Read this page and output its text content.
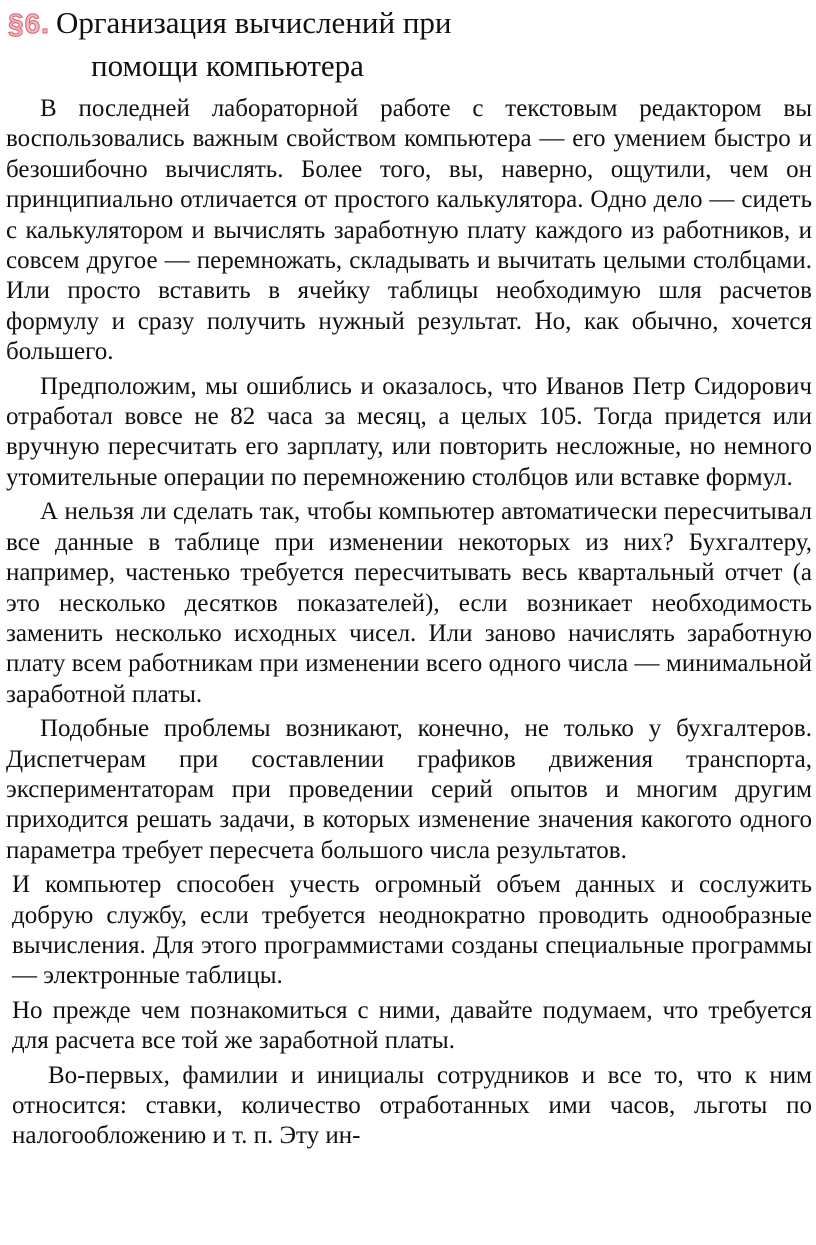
§6. Организация вычислений при
помощи компьютера

В последней лабораторной работе с текстовым редактором вы воспользовались важным свойством компьютера — его умением быстро и безошибочно вычислять. Более того, вы, наверно, ощутили, чем он принципиально отличается от простого калькулятора. Одно дело — сидеть с калькулятором и вычислять заработную плату каждого из работников, и совсем другое — перемножать, складывать и вычитать целыми столбцами. Или просто вставить в ячейку таблицы необходимую шля расчетов формулу и сразу получить нужный результат. Но, как обычно, хочется большего.

Предположим, мы ошиблись и оказалось, что Иванов Петр Сидорович отработал вовсе не 82 часа за месяц, а целых 105. Тогда придется или вручную пересчитать его зарплату, или повторить несложные, но немного утомительные операции по перемножению столбцов или вставке формул.

А нельзя ли сделать так, чтобы компьютер автоматически пересчитывал все данные в таблице при изменении некоторых из них? Бухгалтеру, например, частенько требуется пересчитывать весь квартальный отчет (а это несколько десятков показателей), если возникает необходимость заменить несколько исходных чисел. Или заново начислять заработную плату всем работникам при изменении всего одного числа — минимальной заработной платы.

Подобные проблемы возникают, конечно, не только у бухгалтеров. Диспетчерам при составлении графиков движения транспорта, экспериментаторам при проведении серий опытов и многим другим приходится решать задачи, в которых изменение значения какогото одного параметра требует пересчета большого числа результатов.

И компьютер способен учесть огромный объем данных и сослужить добрую службу, если требуется неоднократно проводить однообразные вычисления. Для этого программистами созданы специальные программы — электронные таблицы.

Но прежде чем познакомиться с ними, давайте подумаем, что требуется для расчета все той же заработной платы.

Во-первых, фамилии и инициалы сотрудников и все то, что к ним относится: ставки, количество отработанных ими часов, льготы по налогообложению и т. п. Эту ин-
